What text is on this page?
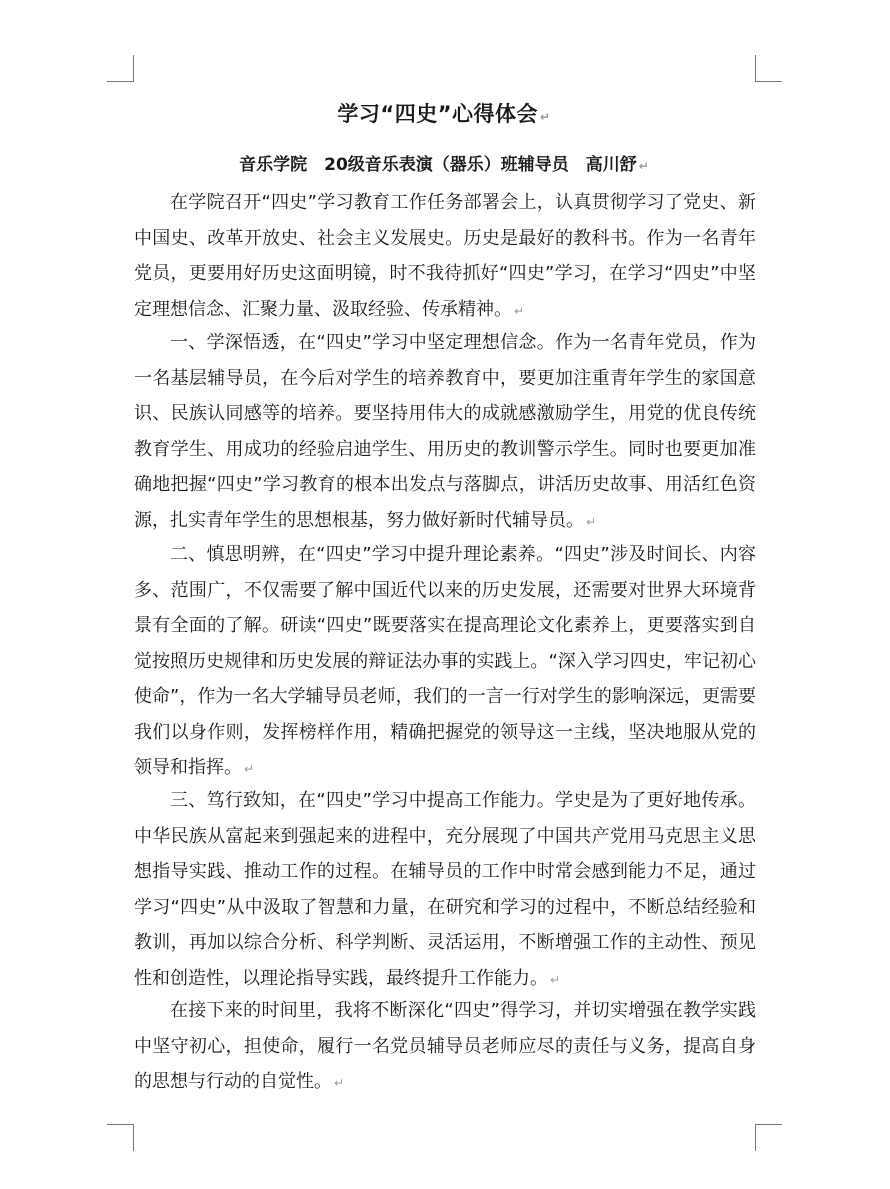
学习“四史”心得体会 ↵
音乐学院　20级音乐表演（器乐）班辅导员　高川舒 ↵

在学院召开“四史”学习教育工作任务部署会上，认真贯彻学习了党史、新中国史、改革开放史、社会主义发展史。历史是最好的教科书。作为一名青年党员，更要用好历史这面明镜，时不我待抓好“四史”学习，在学习“四史”中坚定理想信念、汇聚力量、汲取经验、传承精神。 ↵

一、学深悟透，在“四史”学习中坚定理想信念。作为一名青年党员，作为一名基层辅导员，在今后对学生的培养教育中，要更加注重青年学生的家国意识、民族认同感等的培养。要坚持用伟大的成就感激励学生，用党的优良传统教育学生、用成功的经验启迪学生、用历史的教训警示学生。同时也要更加准确地把握“四史”学习教育的根本出发点与落脚点，讲活历史故事、用活红色资源，扎实青年学生的思想根基，努力做好新时代辅导员。 ↵

二、慎思明辨，在“四史”学习中提升理论素养。“四史”涉及时间长、内容多、范围广，不仅需要了解中国近代以来的历史发展，还需要对世界大环境背景有全面的了解。研读“四史”既要落实在提高理论文化素养上，更要落实到自觉按照历史规律和历史发展的辩证法办事的实践上。“深入学习四史，牢记初心使命”，作为一名大学辅导员老师，我们的一言一行对学生的影响深远，更需要我们以身作则，发挥榜样作用，精确把握党的领导这一主线，坚决地服从党的领导和指挥。 ↵

三、笃行致知，在“四史”学习中提高工作能力。学史是为了更好地传承。中华民族从富起来到强起来的进程中，充分展现了中国共产党用马克思主义思想指导实践、推动工作的过程。在辅导员的工作中时常会感到能力不足，通过学习“四史”从中汲取了智慧和力量，在研究和学习的过程中，不断总结经验和教训，再加以综合分析、科学判断、灵活运用，不断增强工作的主动性、预见性和创造性，以理论指导实践，最终提升工作能力。 ↵

在接下来的时间里，我将不断深化“四史”得学习，并切实增强在教学实践中坚守初心，担使命，履行一名党员辅导员老师应尽的责任与义务，提高自身的思想与行动的自觉性。 ↵
